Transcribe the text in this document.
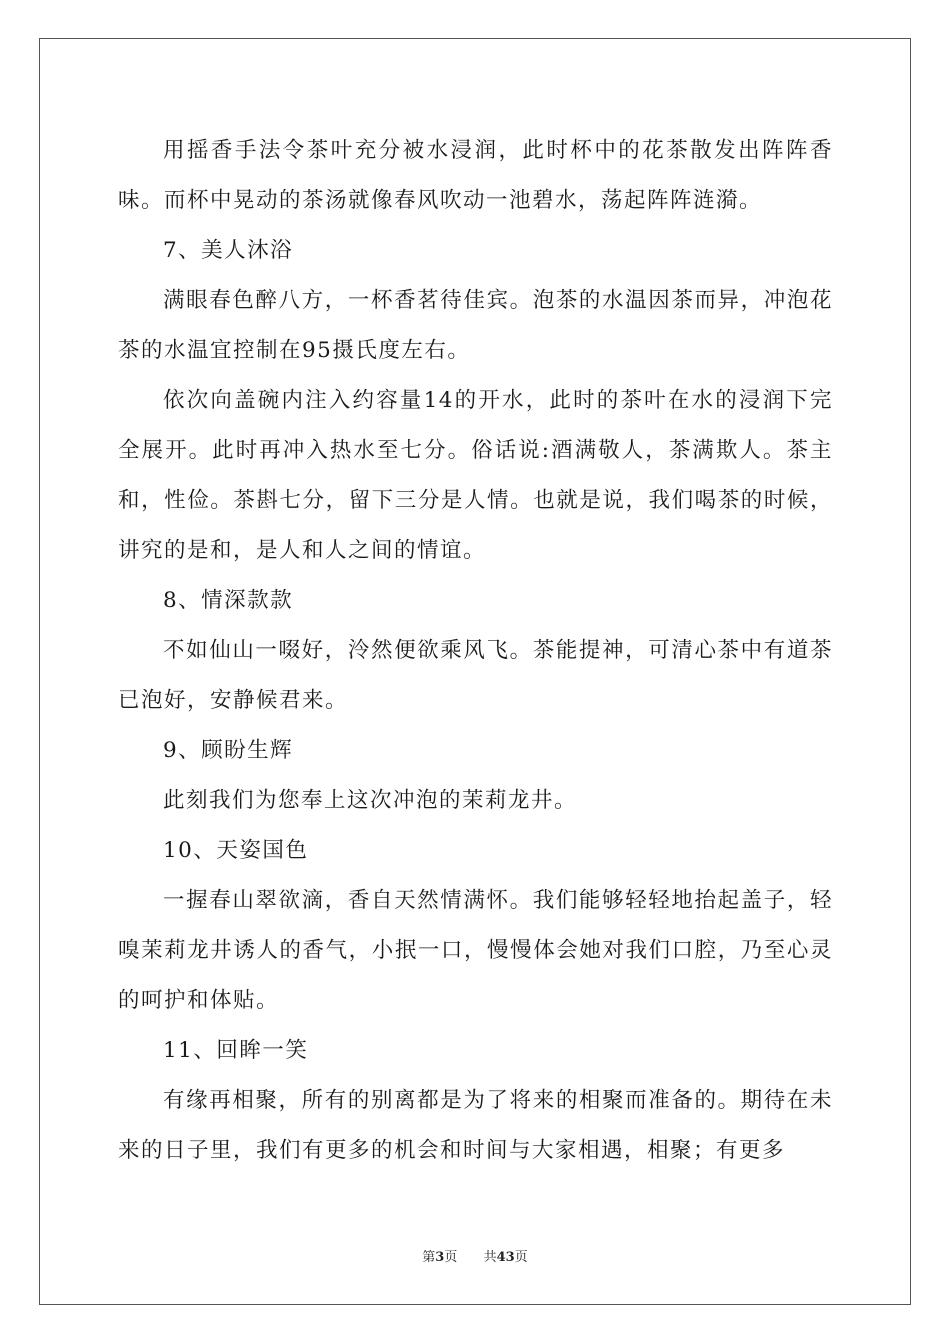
用摇香手法令茶叶充分被水浸润，此时杯中的花茶散发出阵阵香味。而杯中晃动的茶汤就像春风吹动一池碧水，荡起阵阵涟漪。

7、美人沐浴

满眼春色醉八方，一杯香茗待佳宾。泡茶的水温因茶而异，冲泡花茶的水温宜控制在95摄氏度左右。

依次向盖碗内注入约容量14的开水，此时的茶叶在水的浸润下完全展开。此时再冲入热水至七分。俗话说:酒满敬人，茶满欺人。茶主和，性俭。茶斟七分，留下三分是人情。也就是说，我们喝茶的时候，讲究的是和，是人和人之间的情谊。

8、情深款款

不如仙山一啜好，泠然便欲乘风飞。茶能提神，可清心茶中有道茶已泡好，安静候君来。

9、顾盼生辉

此刻我们为您奉上这次冲泡的茉莉龙井。

10、天姿国色

一握春山翠欲滴，香自天然情满怀。我们能够轻轻地抬起盖子，轻嗅茉莉龙井诱人的香气，小抿一口，慢慢体会她对我们口腔，乃至心灵的呵护和体贴。

11、回眸一笑

有缘再相聚，所有的别离都是为了将来的相聚而准备的。期待在未来的日子里，我们有更多的机会和时间与大家相遇，相聚；有更多

第3页 共43页
